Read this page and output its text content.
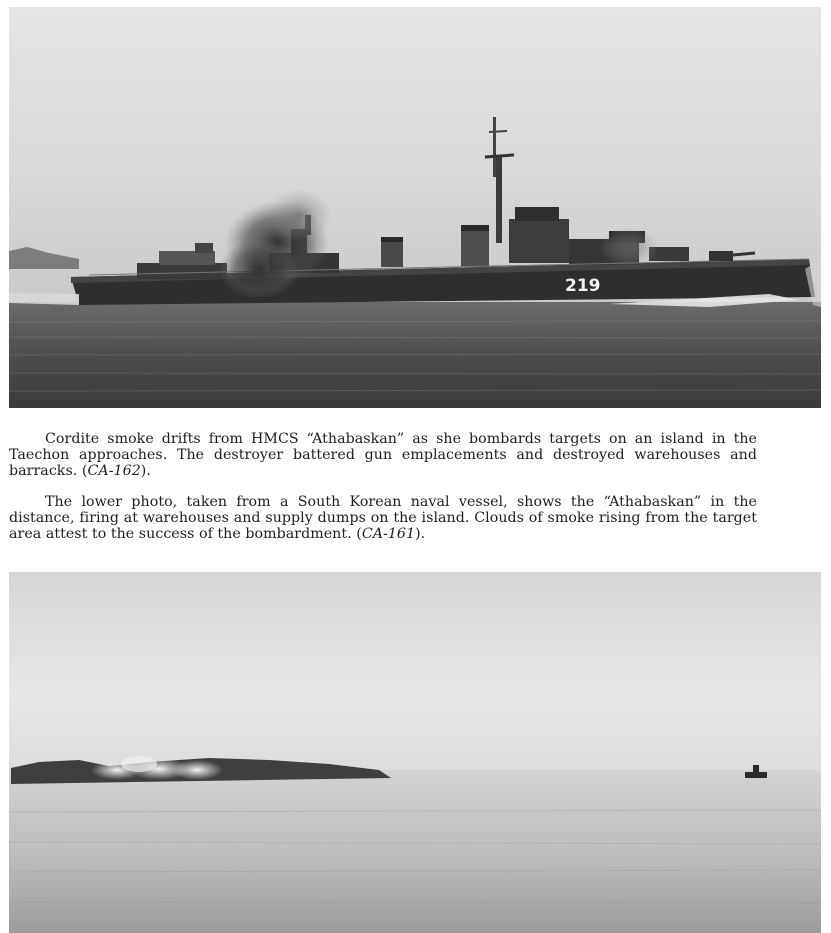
219

Cordite smoke drifts from HMCS “Athabaskan” as she bombards targets on an island in the Taechon approaches. The destroyer battered gun emplacements and destroyed warehouses and barracks. (CA-162).

The lower photo, taken from a South Korean naval vessel, shows the “Athabaskan” in the distance, firing at warehouses and supply dumps on the island. Clouds of smoke rising from the target area attest to the success of the bombardment. (CA-161).
